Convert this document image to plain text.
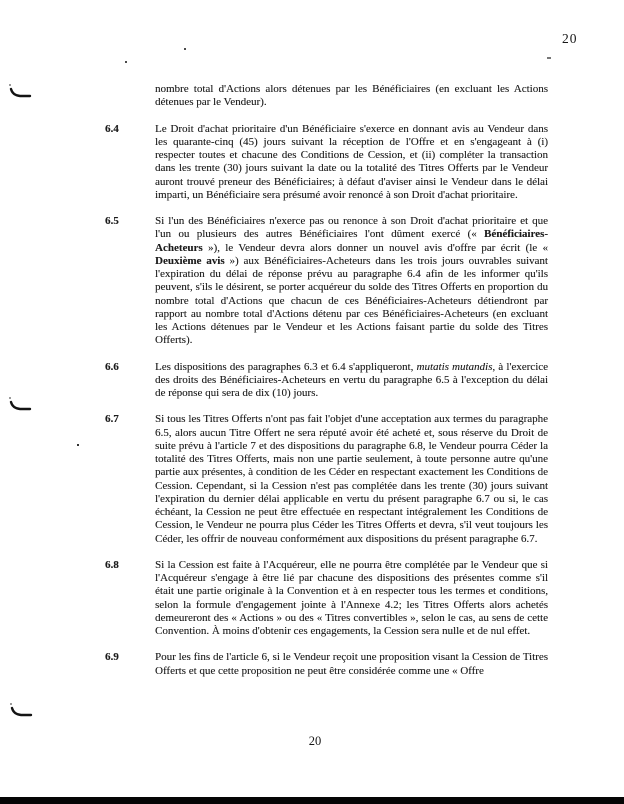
20
nombre total d'Actions alors détenues par les Bénéficiaires (en excluant les Actions détenues par le Vendeur).
6.4	Le Droit d'achat prioritaire d'un Bénéficiaire s'exerce en donnant avis au Vendeur dans les quarante-cinq (45) jours suivant la réception de l'Offre et en s'engageant à (i) respecter toutes et chacune des Conditions de Cession, et (ii) compléter la transaction dans les trente (30) jours suivant la date ou la totalité des Titres Offerts par le Vendeur auront trouvé preneur des Bénéficiaires; à défaut d'aviser ainsi le Vendeur dans le délai imparti, un Bénéficiaire sera présumé avoir renoncé à son Droit d'achat prioritaire.
6.5	Si l'un des Bénéficiaires n'exerce pas ou renonce à son Droit d'achat prioritaire et que l'un ou plusieurs des autres Bénéficiaires l'ont dûment exercé (« Bénéficiaires-Acheteurs »), le Vendeur devra alors donner un nouvel avis d'offre par écrit (le « Deuxième avis ») aux Bénéficiaires-Acheteurs dans les trois jours ouvrables suivant l'expiration du délai de réponse prévu au paragraphe 6.4 afin de les informer qu'ils peuvent, s'ils le désirent, se porter acquéreur du solde des Titres Offerts en proportion du nombre total d'Actions que chacun de ces Bénéficiaires-Acheteurs détiendront par rapport au nombre total d'Actions détenu par ces Bénéficiaires-Acheteurs (en excluant les Actions détenues par le Vendeur et les Actions faisant partie du solde des Titres Offerts).
6.6	Les dispositions des paragraphes 6.3 et 6.4 s'appliqueront, mutatis mutandis, à l'exercice des droits des Bénéficiaires-Acheteurs en vertu du paragraphe 6.5 à l'exception du délai de réponse qui sera de dix (10) jours.
6.7	Si tous les Titres Offerts n'ont pas fait l'objet d'une acceptation aux termes du paragraphe 6.5, alors aucun Titre Offert ne sera réputé avoir été acheté et, sous réserve du Droit de suite prévu à l'article 7 et des dispositions du paragraphe 6.8, le Vendeur pourra Céder la totalité des Titres Offerts, mais non une partie seulement, à toute personne autre qu'une partie aux présentes, à condition de les Céder en respectant exactement les Conditions de Cession. Cependant, si la Cession n'est pas complétée dans les trente (30) jours suivant l'expiration du dernier délai applicable en vertu du présent paragraphe 6.7 ou si, le cas échéant, la Cession ne peut être effectuée en respectant intégralement les Conditions de Cession, le Vendeur ne pourra plus Céder les Titres Offerts et devra, s'il veut toujours les Céder, les offrir de nouveau conformément aux dispositions du présent paragraphe 6.7.
6.8	Si la Cession est faite à l'Acquéreur, elle ne pourra être complétée par le Vendeur que si l'Acquéreur s'engage à être lié par chacune des dispositions des présentes comme s'il était une partie originale à la Convention et à en respecter tous les termes et conditions, selon la formule d'engagement jointe à l'Annexe 4.2; les Titres Offerts alors achetés demeureront des « Actions » ou des « Titres convertibles », selon le cas, au sens de cette Convention. À moins d'obtenir ces engagements, la Cession sera nulle et de nul effet.
6.9	Pour les fins de l'article 6, si le Vendeur reçoit une proposition visant la Cession de Titres Offerts et que cette proposition ne peut être considérée comme une « Offre
20
